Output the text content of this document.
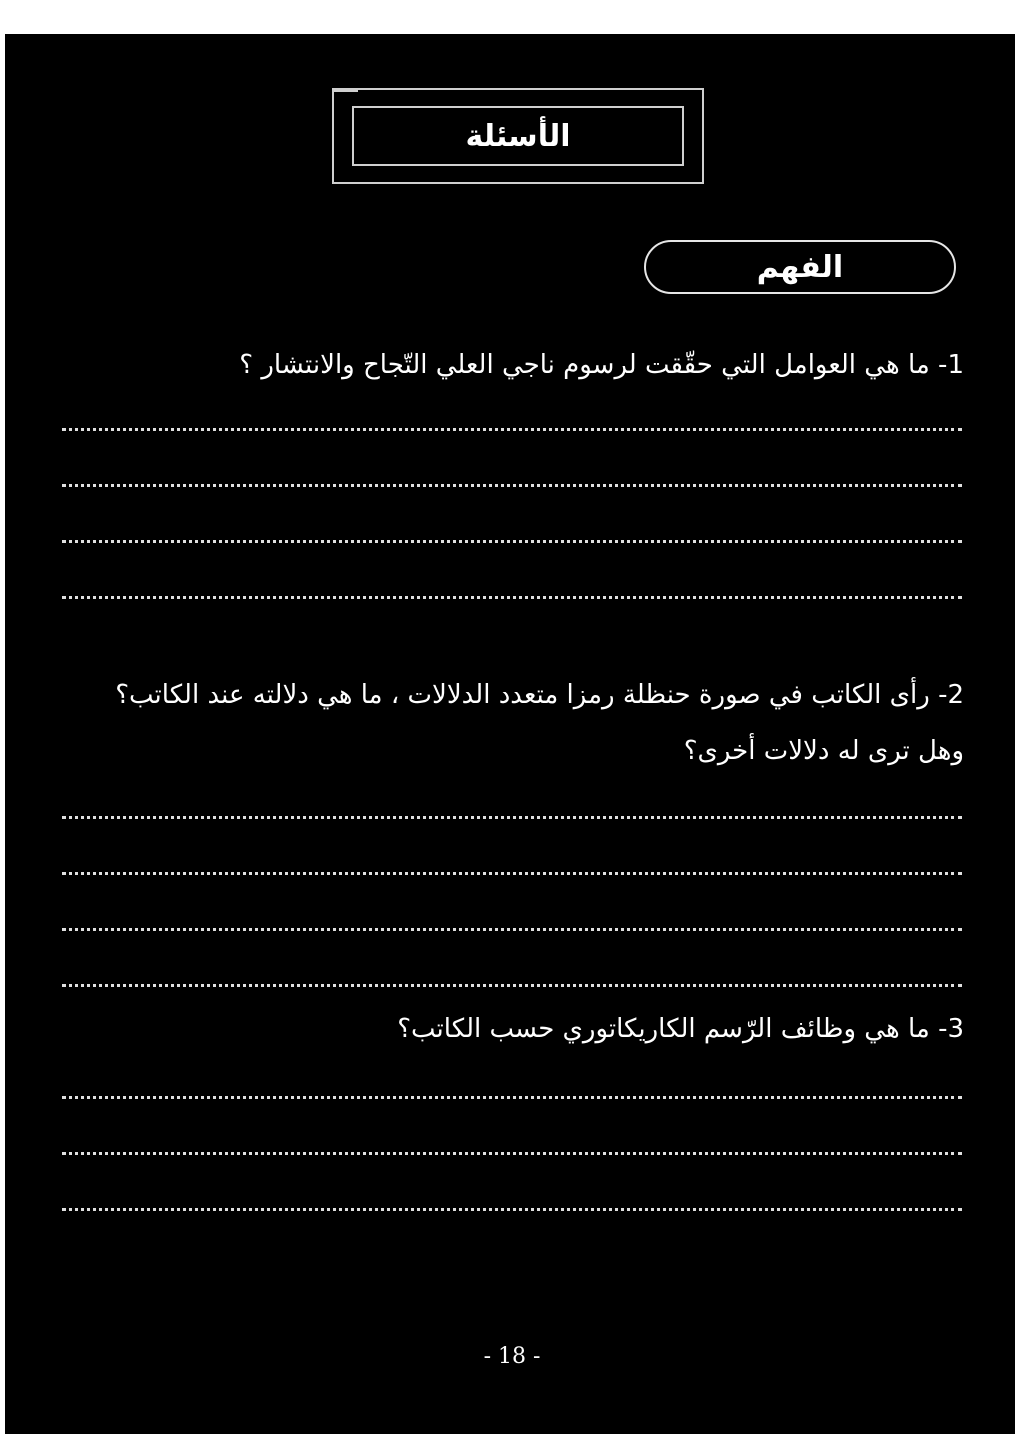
الأسئلة
الفهم
1- ما هي العوامل التي حقّقت لرسوم ناجي العلي التّجاح والانتشار ؟
2- رأى الكاتب في صورة حنظلة رمزا متعدد الدلالات ، ما هي دلالته عند الكاتب؟
وهل ترى له دلالات أخرى؟
3- ما هي وظائف الرّسم الكاريكاتوري حسب الكاتب؟
- 18 -
